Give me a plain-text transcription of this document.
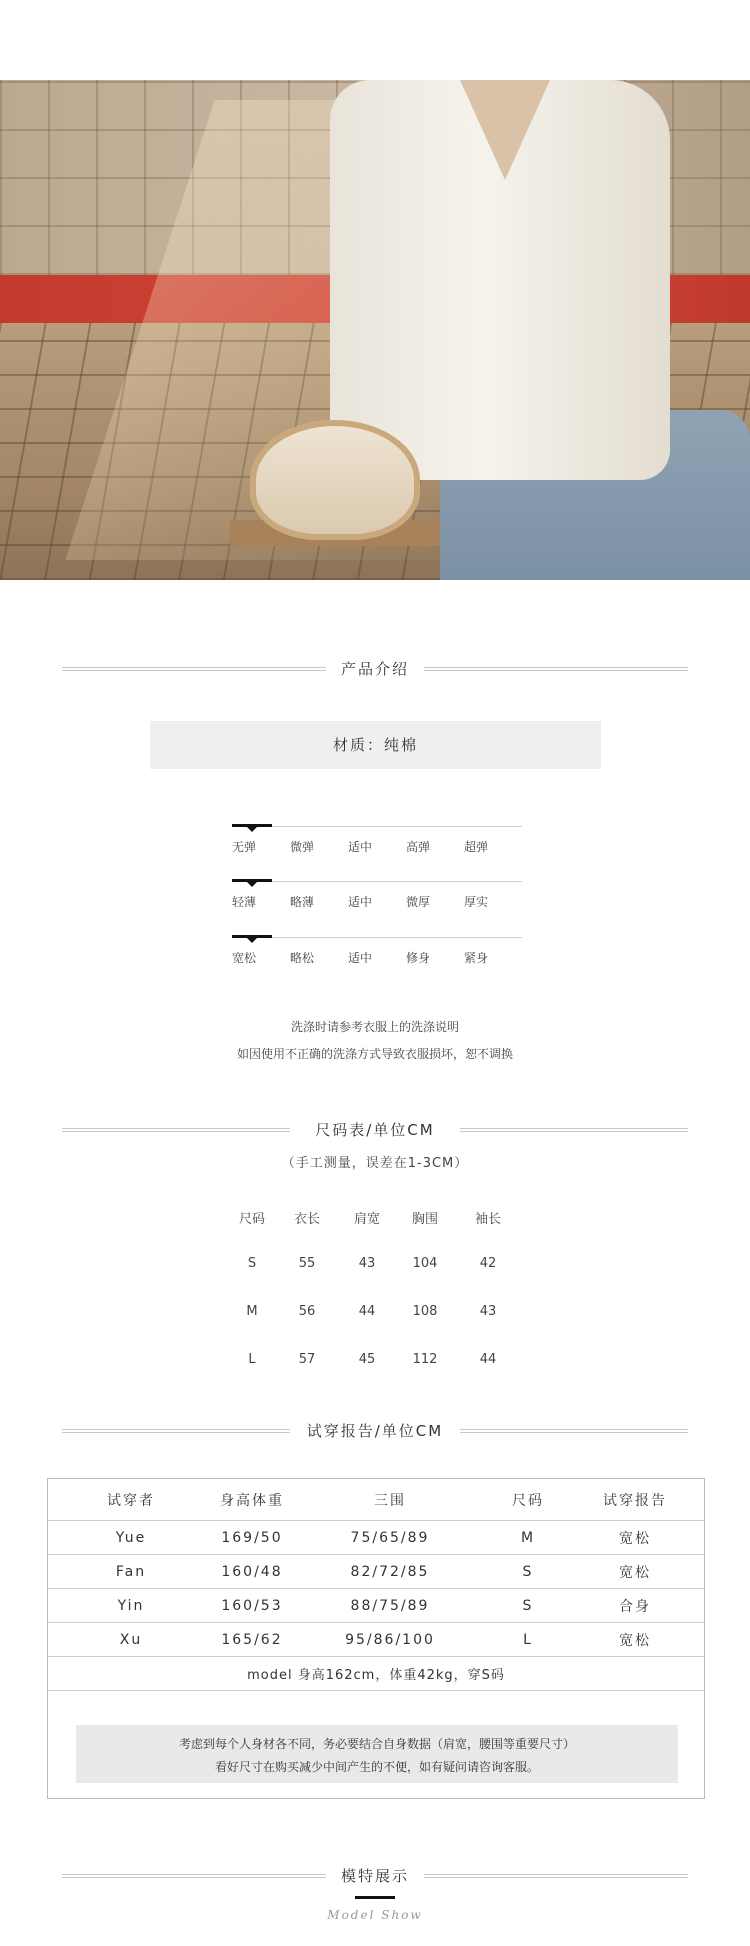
产品介绍
材质：纯棉
无弹	微弹	适中	高弹	超弹
轻薄	略薄	适中	微厚	厚实
宽松	略松	适中	修身	紧身
洗涤时请参考衣服上的洗涤说明
如因使用不正确的洗涤方式导致衣服损坏，恕不调换
尺码表/单位CM
（手工测量，误差在1-3CM）
尺码	衣长	肩宽	胸围	袖长
S	55	43	104	42
M	56	44	108	43
L	57	45	112	44
试穿报告/单位CM
试穿者	身高体重	三围	尺码	试穿报告
Yue	169/50	75/65/89	M	宽松
Fan	160/48	82/72/85	S	宽松
Yin	160/53	88/75/89	S	合身
Xu	165/62	95/86/100	L	宽松
model 身高162cm，体重42kg，穿S码
考虑到每个人身材各不同，务必要结合自身数据（肩宽，腰围等重要尺寸）
看好尺寸在购买减少中间产生的不便，如有疑问请咨询客服。
模特展示
Model Show
